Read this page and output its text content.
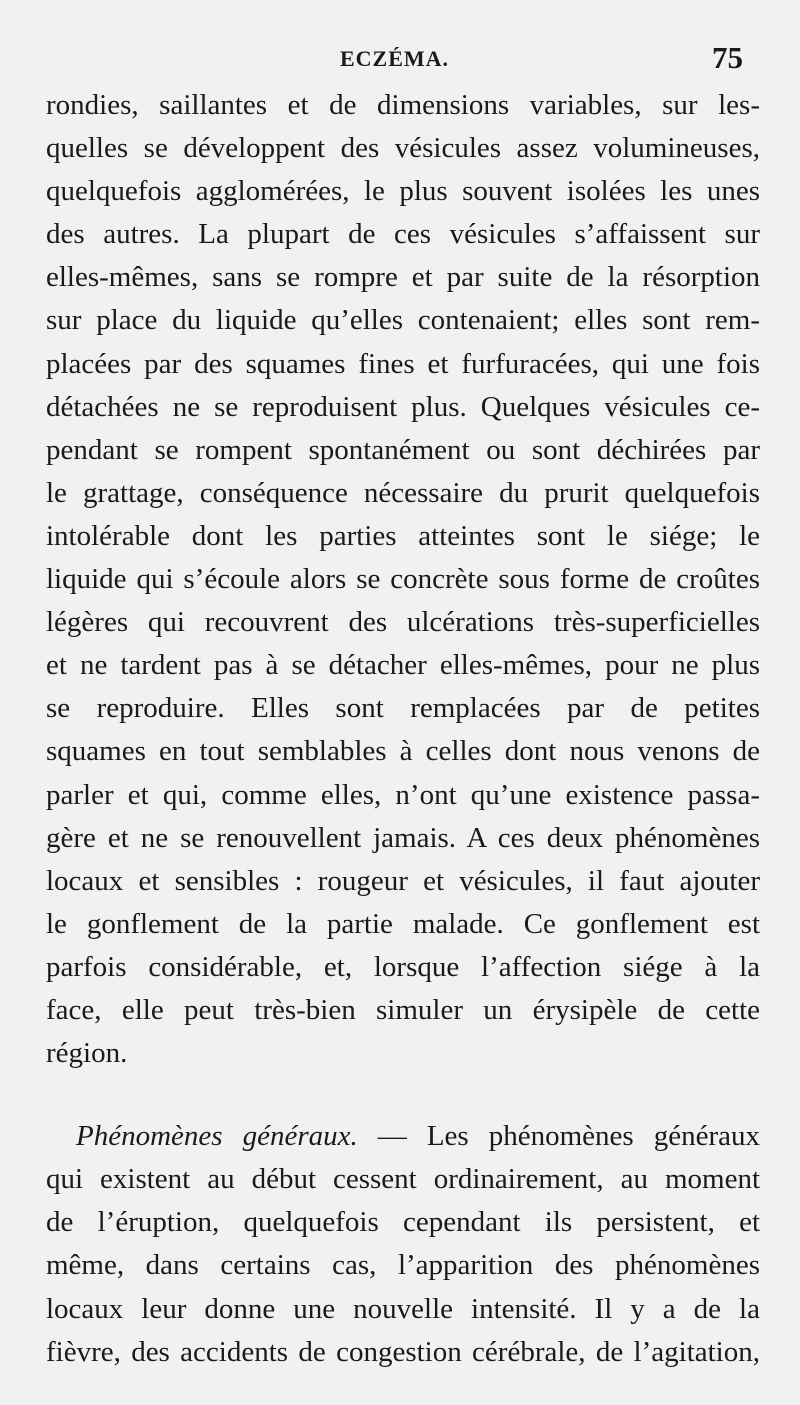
ECZÉMA.	75
rondies, saillantes et de dimensions variables, sur les-
quelles se développent des vésicules assez volumineuses,
quelquefois agglomérées, le plus souvent isolées les unes
des autres. La plupart de ces vésicules s’affaissent sur
elles-mêmes, sans se rompre et par suite de la résorption
sur place du liquide qu’elles contenaient; elles sont rem-
placées par des squames fines et furfuracées, qui une fois
détachées ne se reproduisent plus. Quelques vésicules ce-
pendant se rompent spontanément ou sont déchirées par
le grattage, conséquence nécessaire du prurit quelquefois
intolérable dont les parties atteintes sont le siége; le
liquide qui s’écoule alors se concrète sous forme de croûtes
légères qui recouvrent des ulcérations très-superficielles
et ne tardent pas à se détacher elles-mêmes, pour ne plus
se reproduire. Elles sont remplacées par de petites
squames en tout semblables à celles dont nous venons de
parler et qui, comme elles, n’ont qu’une existence passa-
gère et ne se renouvellent jamais. A ces deux phénomènes
locaux et sensibles : rougeur et vésicules, il faut ajouter
le gonflement de la partie malade. Ce gonflement est
parfois considérable, et, lorsque l’affection siége à la
face, elle peut très-bien simuler un érysipèle de cette
région.
Phénomènes généraux. — Les phénomènes généraux
qui existent au début cessent ordinairement, au moment
de l’éruption, quelquefois cependant ils persistent, et
même, dans certains cas, l’apparition des phénomènes
locaux leur donne une nouvelle intensité. Il y a de la
fièvre, des accidents de congestion cérébrale, de l’agitation,
